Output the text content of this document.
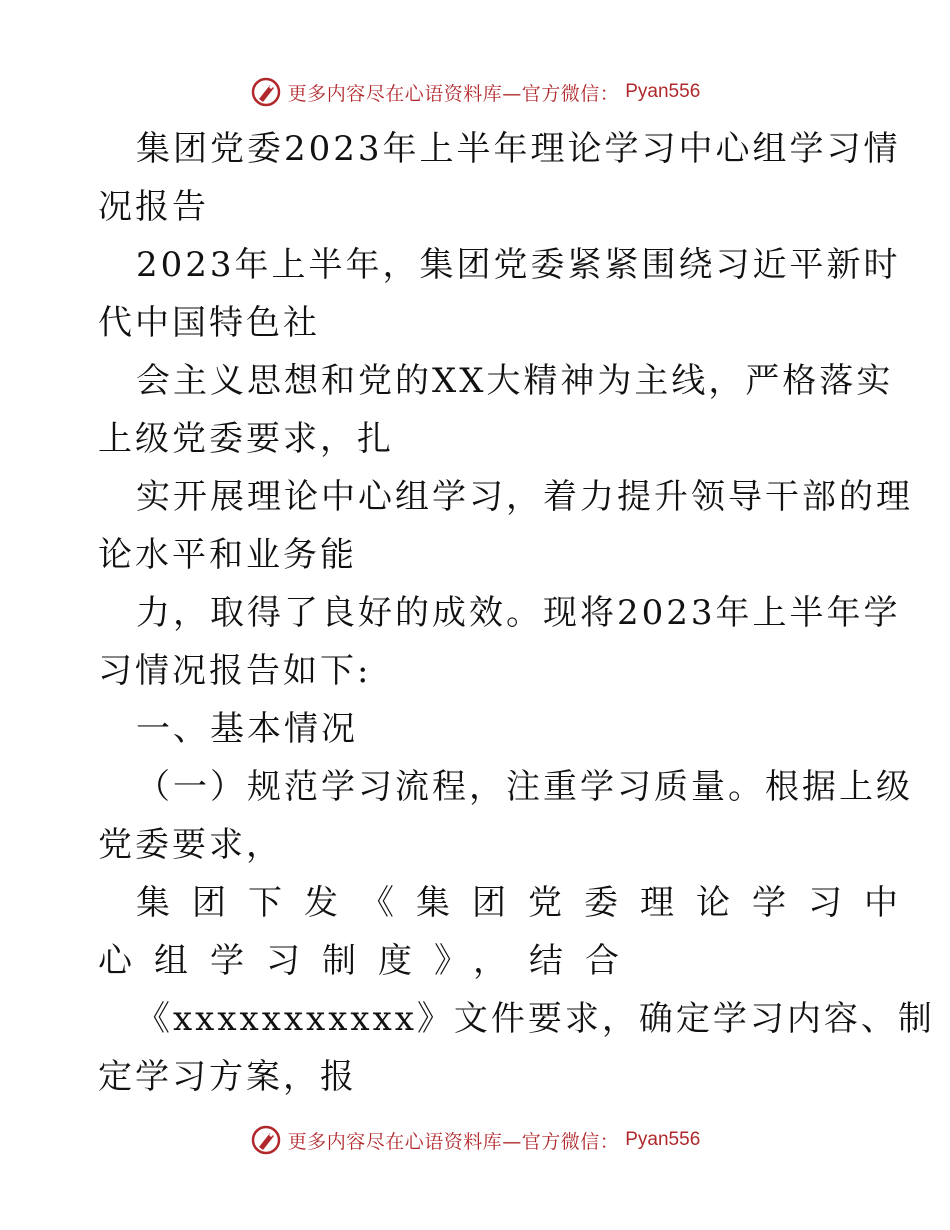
更多内容尽在心语资料库—官方微信： Pyan556
集团党委2023年上半年理论学习中心组学习情
况报告
2023年上半年，集团党委紧紧围绕习近平新时
代中国特色社
会主义思想和党的XX大精神为主线，严格落实
上级党委要求，扎
实开展理论中心组学习，着力提升领导干部的理
论水平和业务能
力，取得了良好的成效。现将2023年上半年学
习情况报告如下:
一、基本情况
（一）规范学习流程，注重学习质量。根据上级
党委要求，
集团下发《集团党委理论学习中
心组学习制度》，结合
《xxxxxxxxxxx》文件要求，确定学习内容、制
定学习方案，报
更多内容尽在心语资料库—官方微信： Pyan556
